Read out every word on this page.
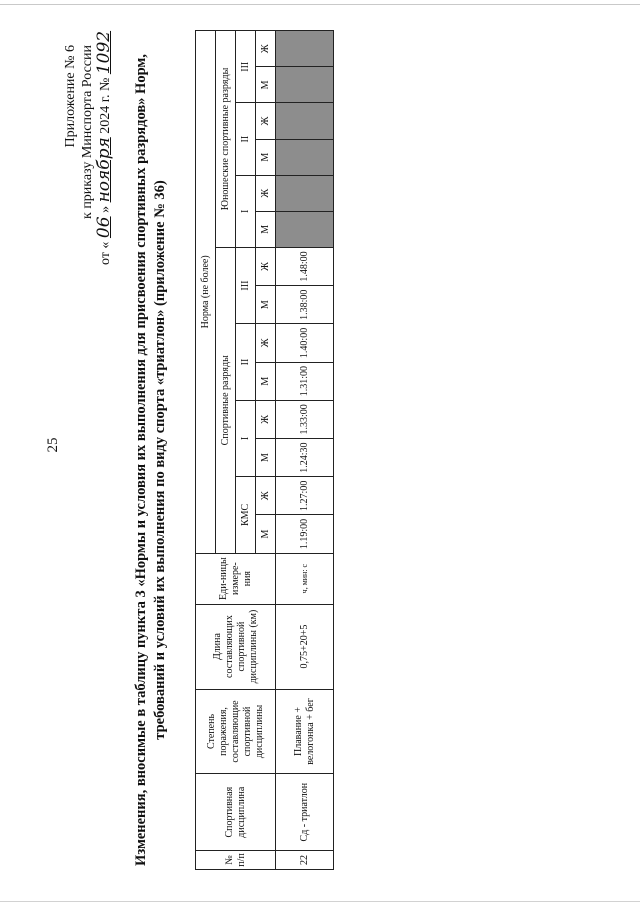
25
Приложение № 6 к приказу Минспорта России
от « 06 » ноября 2024 г. № 1092
Изменения, вносимые в таблицу пункта 3 «Нормы и условия их выполнения для присвоения спортивных разрядов» Норм, требований и условий их выполнения по виду спорта «триатлон» (приложение № 36)
№ п/п	Спортивная дисциплина	Степень поражения, составляющие спортивной дисциплины	Длина составляющих спортивной дисциплины (км)	Еди-ницы измере-ния	Норма (не более)													
					Спортивные разряды								Юношеские спортивные разряды					
					КМС		I		II		III		I		II		III	
					М	Ж	М	Ж	М	Ж	М	Ж	М	Ж	М	Ж	М	Ж
22	Сд - триатлон	Плавание + велогонка + бег	0,75+20+5	ч, мин: с	1.19:00	1.27:00	1.24:30	1.33:00	1.31:00	1.40:00	1.38:00	1.48:00						
